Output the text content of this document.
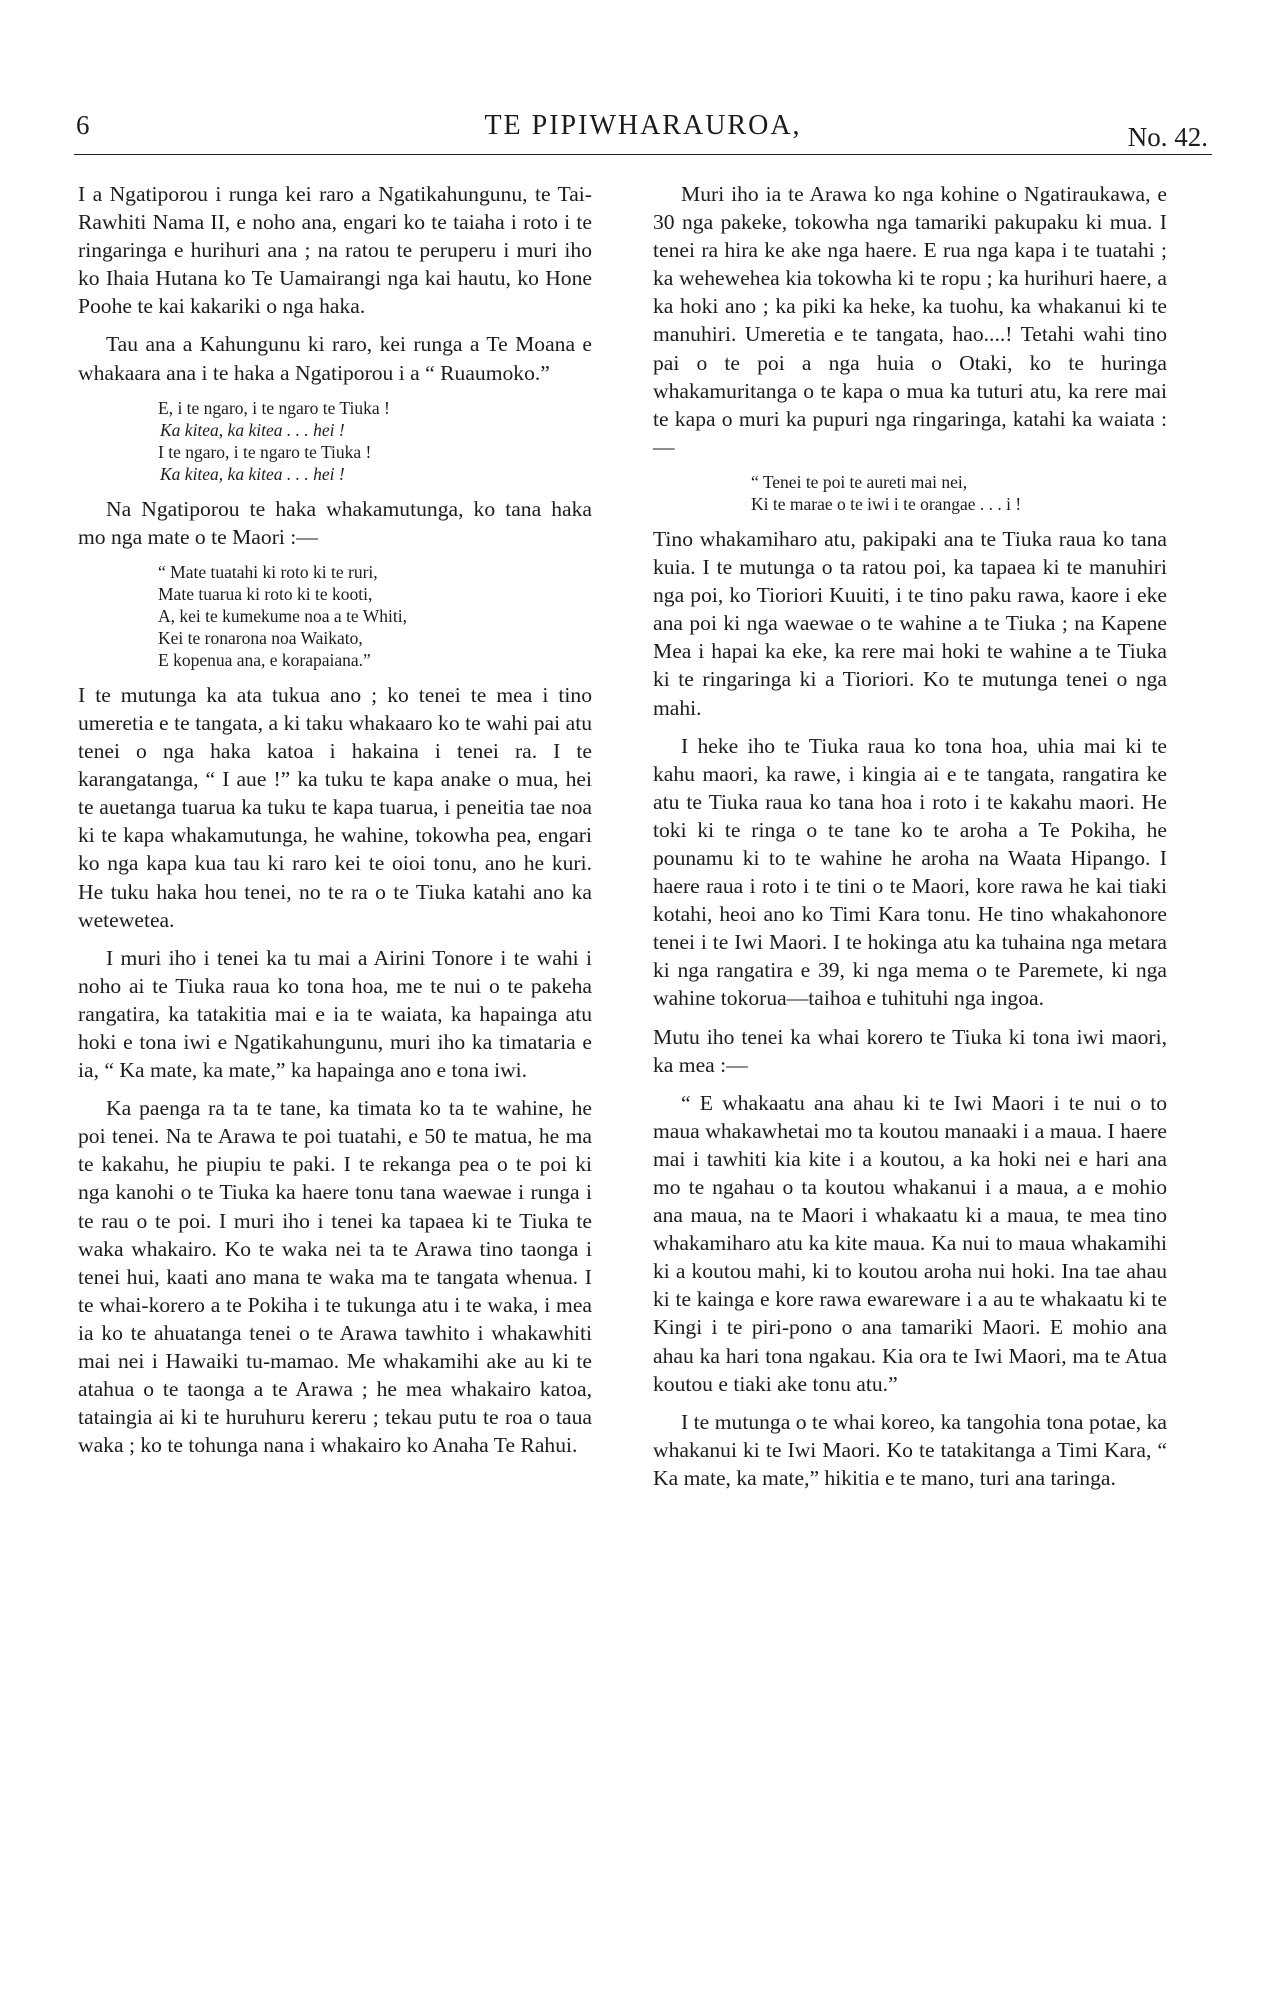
6	TE PIPIWHARAUROA,	No. 42.

I a Ngatiporou i runga kei raro a Ngatikahungunu, te Tai-Rawhiti Nama II, e noho ana, engari ko te taiaha i roto i te ringaringa e hurihuri ana ; na ratou te peruperu i muri iho ko Ihaia Hutana ko Te Uamairangi nga kai hautu, ko Hone Poohe te kai kakariki o nga haka.

Tau ana a Kahungunu ki raro, kei runga a Te Moana e whakaara ana i te haka a Ngatiporou i a “ Ruaumoko.”

E, i te ngaro, i te ngaro te Tiuka !
Ka kitea, ka kitea . . . hei !
I te ngaro, i te ngaro te Tiuka !
Ka kitea, ka kitea . . . hei !

Na Ngatiporou te haka whakamutunga, ko tana haka mo nga mate o te Maori :—

“ Mate tuatahi ki roto ki te ruri,
Mate tuarua ki roto ki te kooti,
A, kei te kumekume noa a te Whiti,
Kei te ronarona noa Waikato,
E kopenua ana, e korapaiana.”

I te mutunga ka ata tukua ano ; ko tenei te mea i tino umeretia e te tangata, a ki taku whakaaro ko te wahi pai atu tenei o nga haka katoa i hakaina i tenei ra. I te karangatanga, “ I aue !” ka tuku te kapa anake o mua, hei te auetanga tuarua ka tuku te kapa tuarua, i peneitia tae noa ki te kapa whakamutunga, he wahine, tokowha pea, engari ko nga kapa kua tau ki raro kei te oioi tonu, ano he kuri. He tuku haka hou tenei, no te ra o te Tiuka katahi ano ka wetewetea.

I muri iho i tenei ka tu mai a Airini Tonore i te wahi i noho ai te Tiuka raua ko tona hoa, me te nui o te pakeha rangatira, ka tatakitia mai e ia te waiata, ka hapainga atu hoki e tona iwi e Ngatikahungunu, muri iho ka timataria e ia, “ Ka mate, ka mate,” ka hapainga ano e tona iwi.

Ka paenga ra ta te tane, ka timata ko ta te wahine, he poi tenei. Na te Arawa te poi tuatahi, e 50 te matua, he ma te kakahu, he piupiu te paki. I te rekanga pea o te poi ki nga kanohi o te Tiuka ka haere tonu tana waewae i runga i te rau o te poi. I muri iho i tenei ka tapaea ki te Tiuka te waka whakairo. Ko te waka nei ta te Arawa tino taonga i tenei hui, kaati ano mana te waka ma te tangata whenua. I te whai-korero a te Pokiha i te tukunga atu i te waka, i mea ia ko te ahuatanga tenei o te Arawa tawhito i whakawhiti mai nei i Hawaiki tu-mamao. Me whakamihi ake au ki te atahua o te taonga a te Arawa ; he mea whakairo katoa, tataingia ai ki te huruhuru kereru ; tekau putu te roa o taua waka ; ko te tohunga nana i whakairo ko Anaha Te Rahui.

Muri iho ia te Arawa ko nga kohine o Ngatiraukawa, e 30 nga pakeke, tokowha nga tamariki pakupaku ki mua. I tenei ra hira ke ake nga haere. E rua nga kapa i te tuatahi ; ka wehewehea kia tokowha ki te ropu ; ka hurihuri haere, a ka hoki ano ; ka piki ka heke, ka tuohu, ka whakanui ki te manuhiri. Umeretia e te tangata, hao....! Tetahi wahi tino pai o te poi a nga huia o Otaki, ko te huringa whakamuritanga o te kapa o mua ka tuturi atu, ka rere mai te kapa o muri ka pupuri nga ringaringa, katahi ka waiata :—

“ Tenei te poi te aureti mai nei,
Ki te marae o te iwi i te orangae . . . i !

Tino whakamiharo atu, pakipaki ana te Tiuka raua ko tana kuia. I te mutunga o ta ratou poi, ka tapaea ki te manuhiri nga poi, ko Tioriori Kuuiti, i te tino paku rawa, kaore i eke ana poi ki nga waewae o te wahine a te Tiuka ; na Kapene Mea i hapai ka eke, ka rere mai hoki te wahine a te Tiuka ki te ringaringa ki a Tioriori. Ko te mutunga tenei o nga mahi.

I heke iho te Tiuka raua ko tona hoa, uhia mai ki te kahu maori, ka rawe, i kingia ai e te tangata, rangatira ke atu te Tiuka raua ko tana hoa i roto i te kakahu maori. He toki ki te ringa o te tane ko te aroha a Te Pokiha, he pounamu ki to te wahine he aroha na Waata Hipango. I haere raua i roto i te tini o te Maori, kore rawa he kai tiaki kotahi, heoi ano ko Timi Kara tonu. He tino whakahonore tenei i te Iwi Maori. I te hokinga atu ka tuhaina nga metara ki nga rangatira e 39, ki nga mema o te Paremete, ki nga wahine tokorua—taihoa e tuhituhi nga ingoa.

Mutu iho tenei ka whai korero te Tiuka ki tona iwi maori, ka mea :—

“ E whakaatu ana ahau ki te Iwi Maori i te nui o to maua whakawhetai mo ta koutou manaaki i a maua. I haere mai i tawhiti kia kite i a koutou, a ka hoki nei e hari ana mo te ngahau o ta koutou whakanui i a maua, a e mohio ana maua, na te Maori i whakaatu ki a maua, te mea tino whakamiharo atu ka kite maua. Ka nui to maua whakamihi ki a koutou mahi, ki to koutou aroha nui hoki. Ina tae ahau ki te kainga e kore rawa ewareware i a au te whakaatu ki te Kingi i te piri-pono o ana tamariki Maori. E mohio ana ahau ka hari tona ngakau. Kia ora te Iwi Maori, ma te Atua koutou e tiaki ake tonu atu.”

I te mutunga o te whai koreo, ka tangohia tona potae, ka whakanui ki te Iwi Maori. Ko te tatakitanga a Timi Kara, “ Ka mate, ka mate,” hikitia e te mano, turi ana taringa.
